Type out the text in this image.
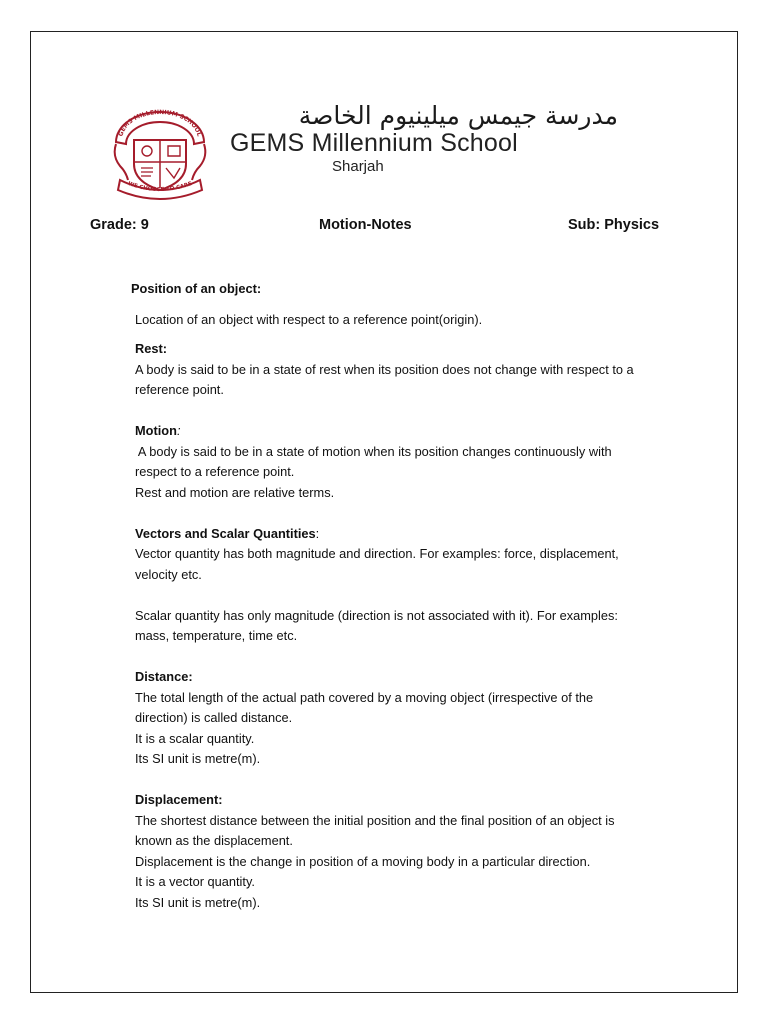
GEMS MILLENNIUM SCHOOL
WE CHOOSE TO CARE
مدرسة جيمس ميلينيوم الخاصة
GEMS Millennium School
Sharjah
Grade: 9	Motion-Notes	Sub: Physics
Position of an object:
Location of an object with respect to a reference point(origin).
Rest:
A body is said to be in a state of rest when its position does not change with respect to a
reference point.
Motion:
A body is said to be in a state of motion when its position changes continuously with
respect to a reference point.
Rest and motion are relative terms.
Vectors and Scalar Quantities:
Vector quantity has both magnitude and direction. For examples: force, displacement,
velocity etc.
Scalar quantity has only magnitude (direction is not associated with it). For examples:
mass, temperature, time etc.
Distance:
The total length of the actual path covered by a moving object (irrespective of the
direction) is called distance.
It is a scalar quantity.
Its SI unit is metre(m).
Displacement:
The shortest distance between the initial position and the final position of an object is
known as the displacement.
Displacement is the change in position of a moving body in a particular direction.
It is a vector quantity.
Its SI unit is metre(m).
